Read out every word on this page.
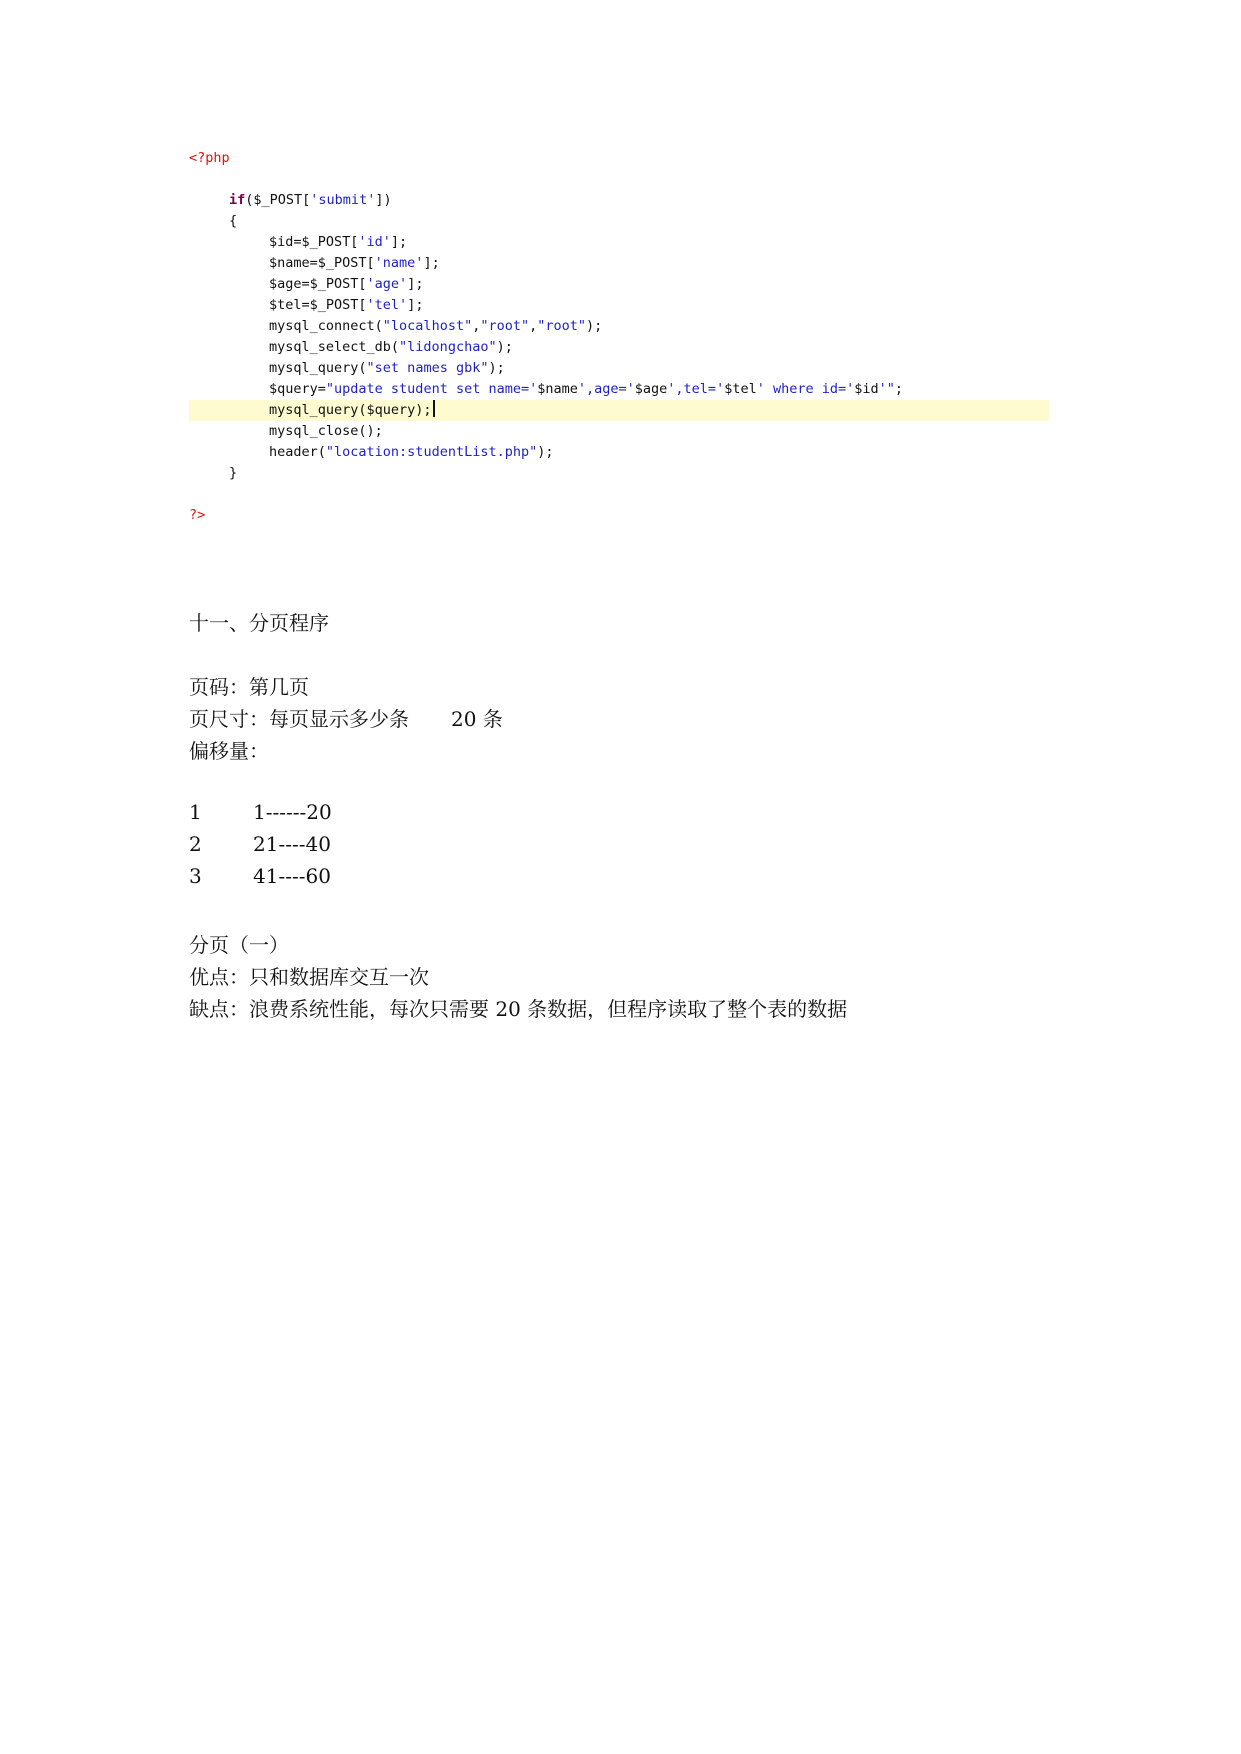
<?php
if($_POST['submit'])
{
$id=$_POST['id'];
$name=$_POST['name'];
$age=$_POST['age'];
$tel=$_POST['tel'];
mysql_connect("localhost","root","root");
mysql_select_db("lidongchao");
mysql_query("set names gbk");
$query="update student set name='$name',age='$age',tel='$tel' where id='$id'";
mysql_query($query);
mysql_close();
header("location:studentList.php");
}
?>
十一、分页程序
页码：第几页
页尺寸：每页显示多少条 20 条
偏移量：
1	1------20
2	21----40
3	41----60
分页（一）
优点：只和数据库交互一次
缺点：浪费系统性能，每次只需要 20 条数据，但程序读取了整个表的数据
